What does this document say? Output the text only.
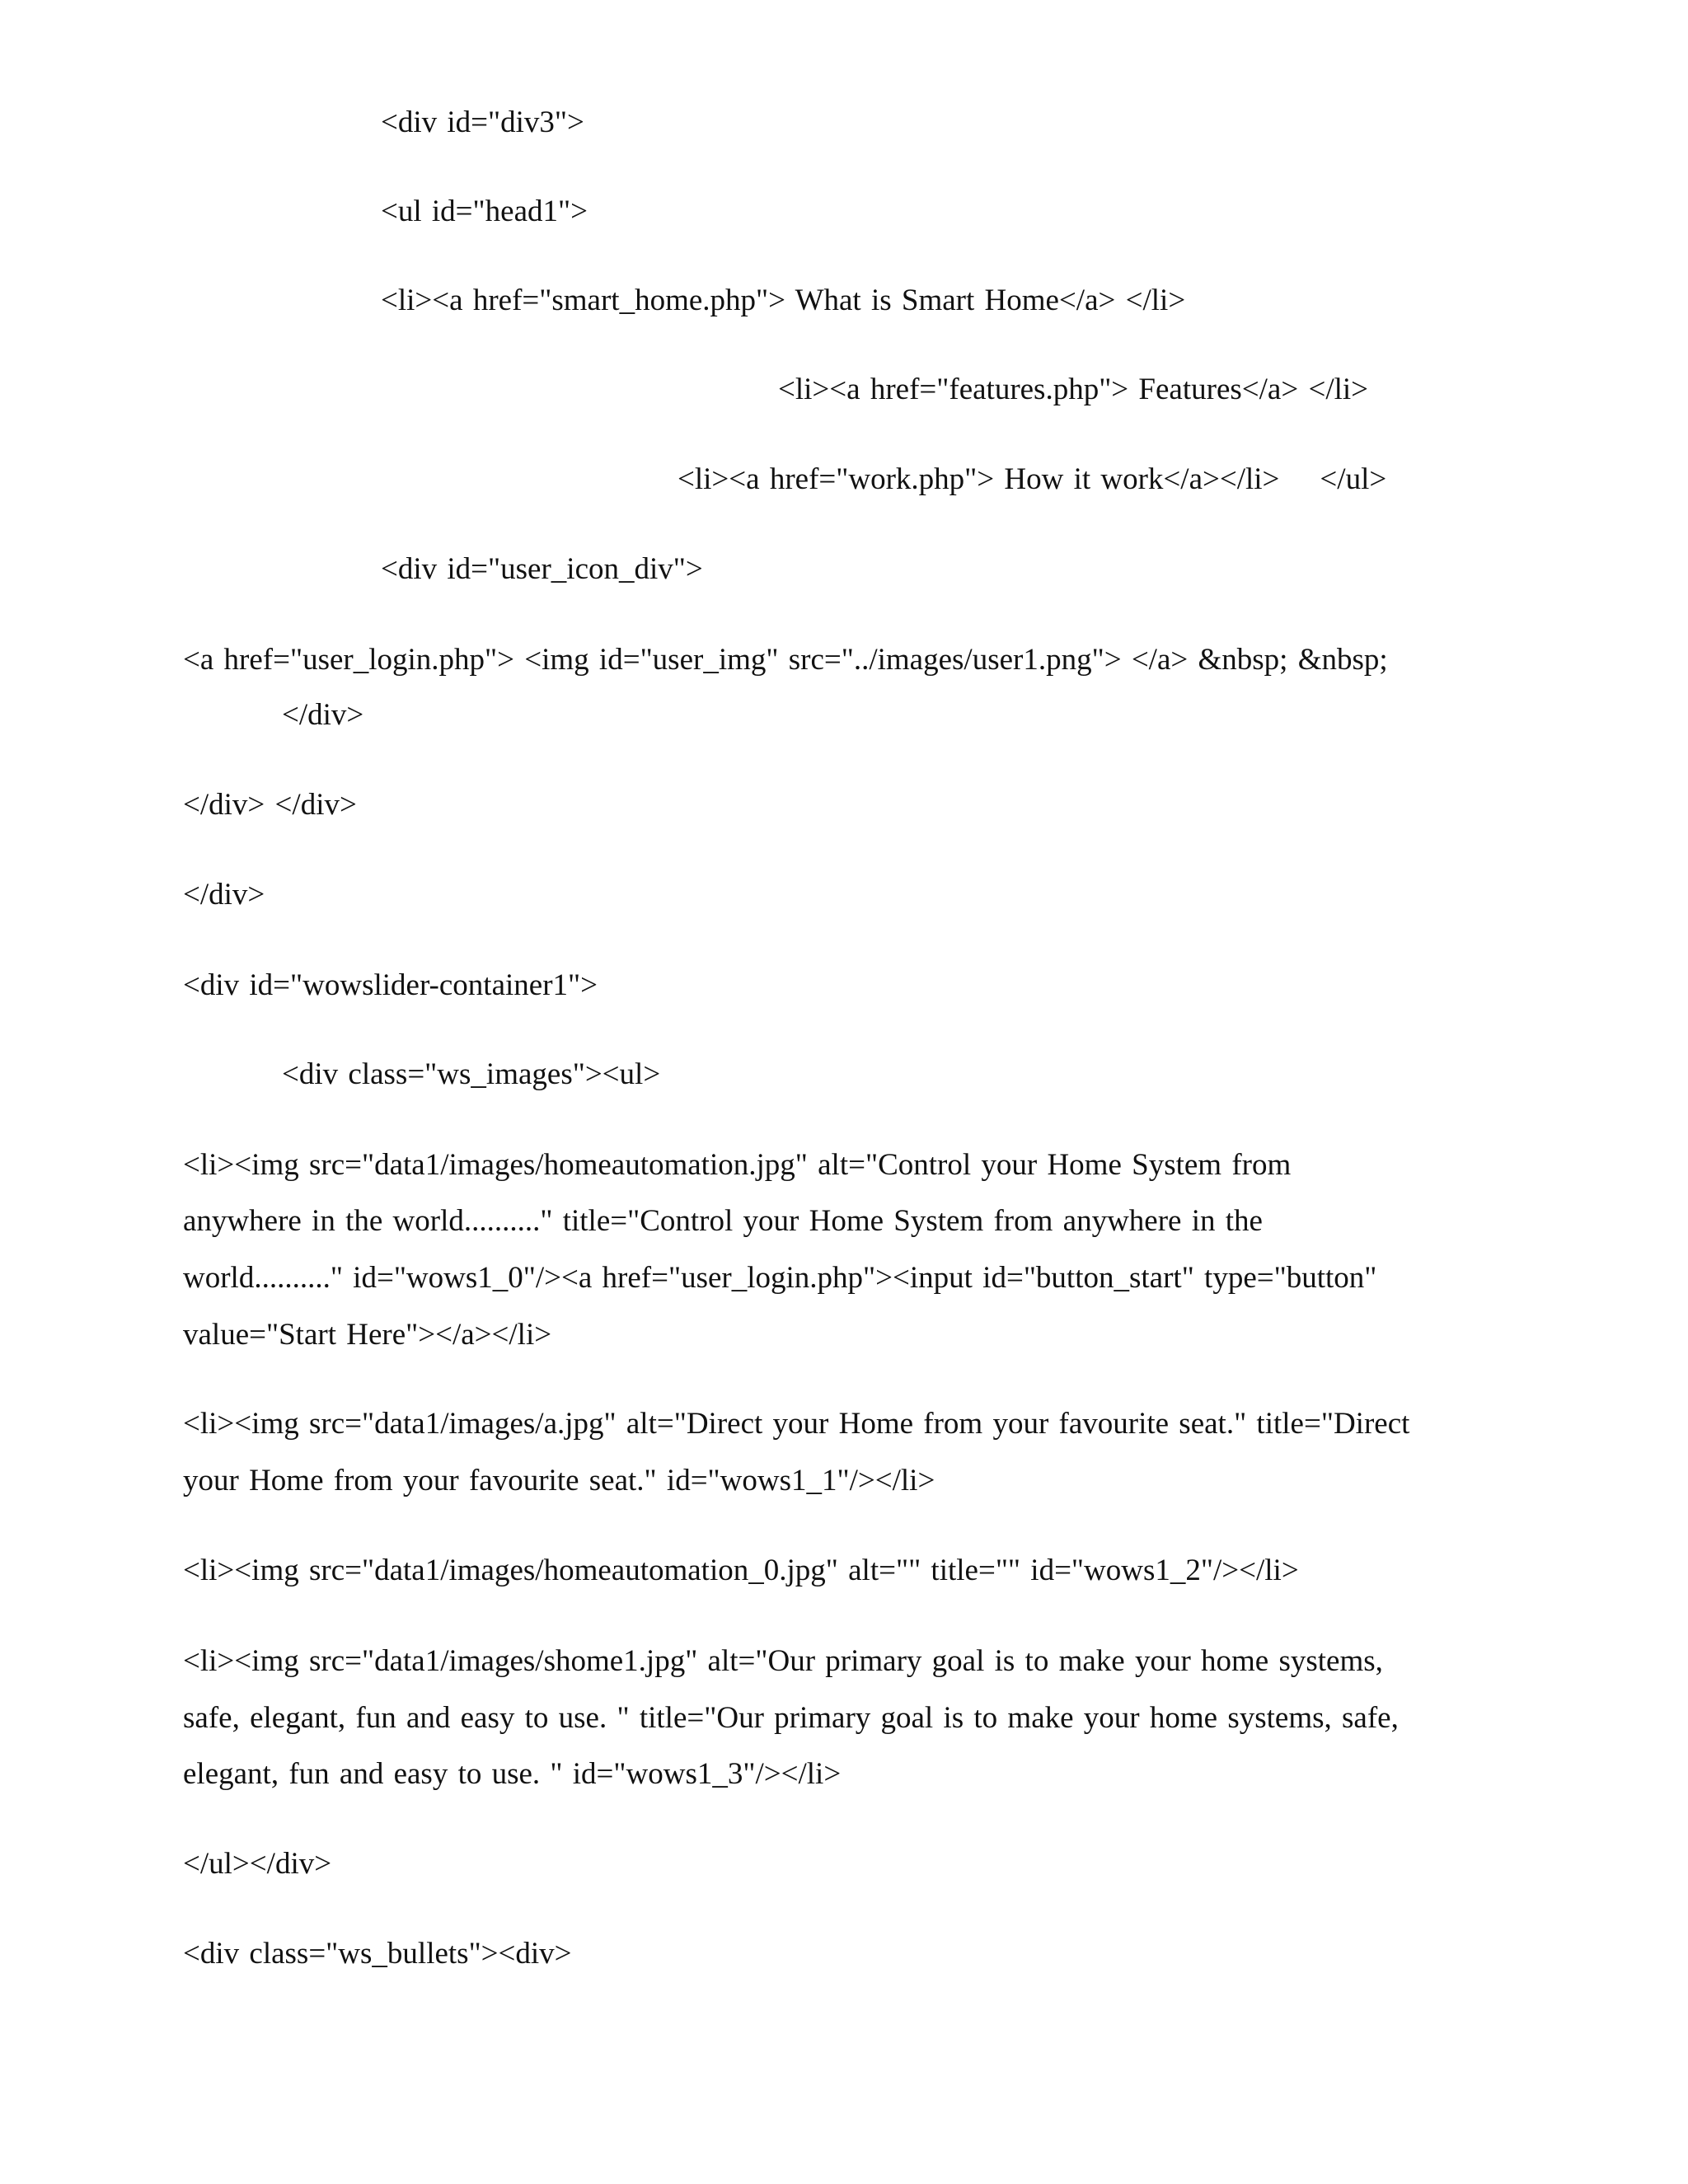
<div id="div3">

<ul id="head1">

<li><a href="smart_home.php"> What is Smart Home</a> </li>

<li><a href="features.php"> Features</a> </li>

<li><a href="work.php"> How it work</a></li>    </ul>

<div id="user_icon_div">

<a href="user_login.php"> <img id="user_img" src="../images/user1.png"> </a> &nbsp; &nbsp;

</div>

</div> </div>

</div>

<div id="wowslider-container1">

<div class="ws_images"><ul>

<li><img src="data1/images/homeautomation.jpg" alt="Control your Home System from

anywhere in the world.........." title="Control your Home System from anywhere in the

world.........." id="wows1_0"/><a href="user_login.php"><input id="button_start" type="button"

value="Start Here"></a></li>

<li><img src="data1/images/a.jpg" alt="Direct your Home from your favourite seat." title="Direct

your Home from your favourite seat." id="wows1_1"/></li>

<li><img src="data1/images/homeautomation_0.jpg" alt="" title="" id="wows1_2"/></li>

<li><img src="data1/images/shome1.jpg" alt="Our primary goal is to make your home systems,

safe, elegant, fun and easy to use. " title="Our primary goal is to make your home systems, safe,

elegant, fun and easy to use. " id="wows1_3"/></li>

</ul></div>

<div class="ws_bullets"><div>
